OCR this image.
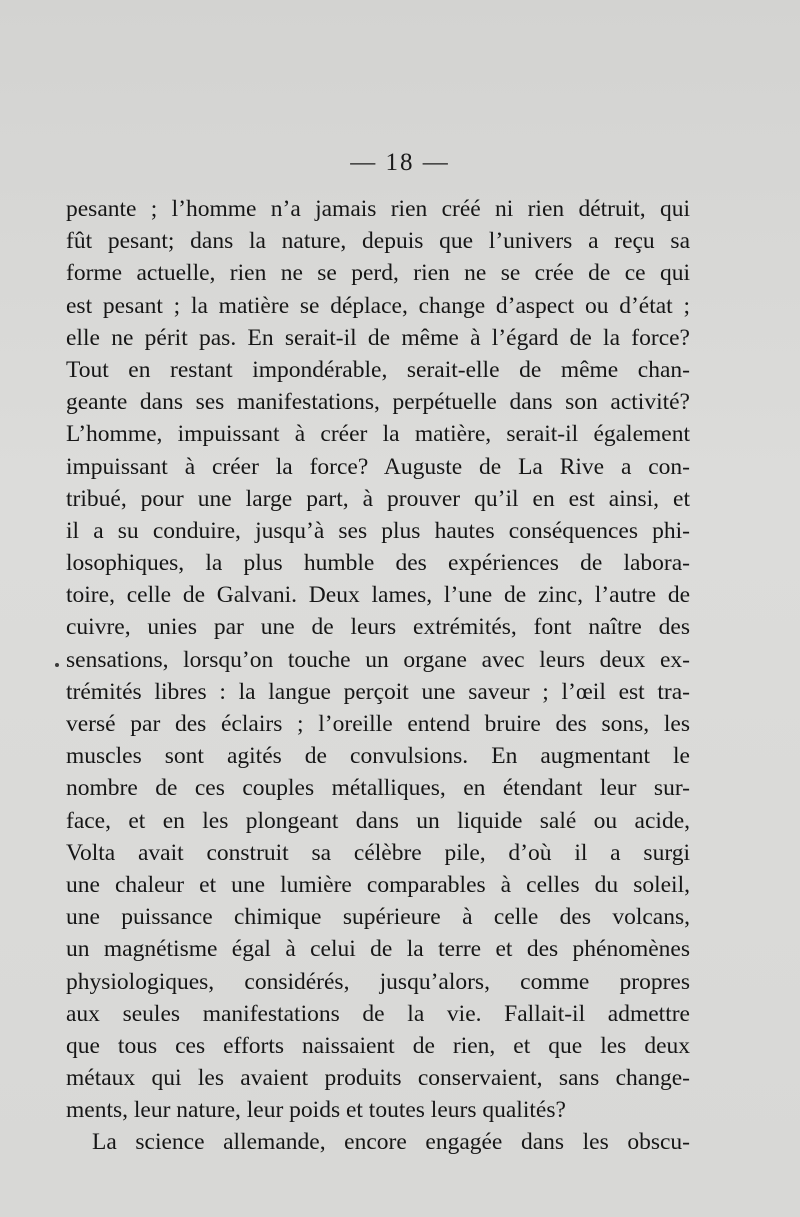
— 18 —
pesante ; l’homme n’a jamais rien créé ni rien détruit, qui
fût pesant; dans la nature, depuis que l’univers a reçu sa
forme actuelle, rien ne se perd, rien ne se crée de ce qui
est pesant ; la matière se déplace, change d’aspect ou d’état ;
elle ne périt pas. En serait-il de même à l’égard de la force?
Tout en restant impondérable, serait-elle de même chan-
geante dans ses manifestations, perpétuelle dans son activité?
L’homme, impuissant à créer la matière, serait-il également
impuissant à créer la force? Auguste de La Rive a con-
tribué, pour une large part, à prouver qu’il en est ainsi, et
il a su conduire, jusqu’à ses plus hautes conséquences phi-
losophiques, la plus humble des expériences de labora-
toire, celle de Galvani. Deux lames, l’une de zinc, l’autre de
cuivre, unies par une de leurs extrémités, font naître des
sensations, lorsqu’on touche un organe avec leurs deux ex-
trémités libres : la langue perçoit une saveur ; l’œil est tra-
versé par des éclairs ; l’oreille entend bruire des sons, les
muscles sont agités de convulsions. En augmentant le
nombre de ces couples métalliques, en étendant leur sur-
face, et en les plongeant dans un liquide salé ou acide,
Volta avait construit sa célèbre pile, d’où il a surgi
une chaleur et une lumière comparables à celles du soleil,
une puissance chimique supérieure à celle des volcans,
un magnétisme égal à celui de la terre et des phénomènes
physiologiques, considérés, jusqu’alors, comme propres
aux seules manifestations de la vie. Fallait-il admettre
que tous ces efforts naissaient de rien, et que les deux
métaux qui les avaient produits conservaient, sans change-
ments, leur nature, leur poids et toutes leurs qualités?
La science allemande, encore engagée dans les obscu-
